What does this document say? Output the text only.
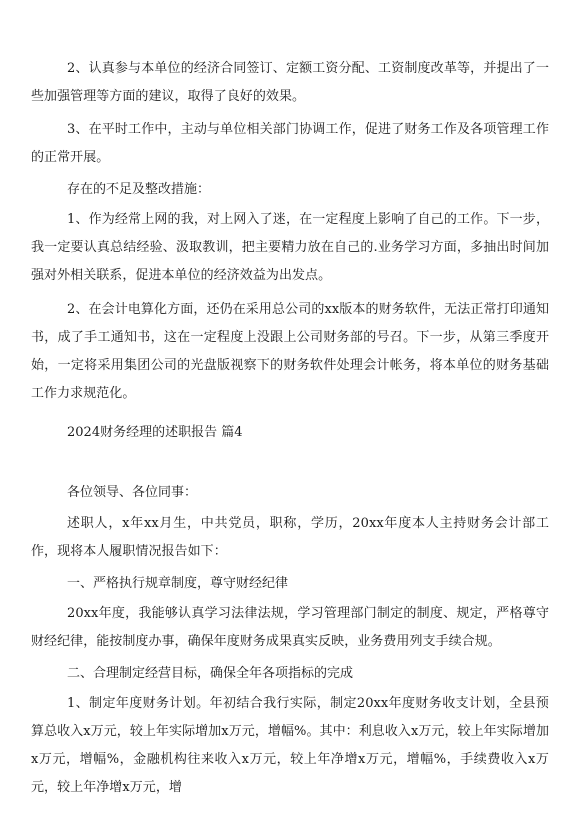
2、认真参与本单位的经济合同签订、定额工资分配、工资制度改革等，并提出了一些加强管理等方面的建议，取得了良好的效果。

3、在平时工作中，主动与单位相关部门协调工作，促进了财务工作及各项管理工作的正常开展。

存在的不足及整改措施：

1、作为经常上网的我，对上网入了迷，在一定程度上影响了自己的工作。下一步，我一定要认真总结经验、汲取教训，把主要精力放在自己的.业务学习方面，多抽出时间加强对外相关联系，促进本单位的经济效益为出发点。

2、在会计电算化方面，还仍在采用总公司的xx版本的财务软件，无法正常打印通知书，成了手工通知书，这在一定程度上没跟上公司财务部的号召。下一步，从第三季度开始，一定将采用集团公司的光盘版视察下的财务软件处理会计帐务，将本单位的财务基础工作力求规范化。

2024财务经理的述职报告 篇4

各位领导、各位同事：

述职人，x年xx月生，中共党员，职称，学历，20xx年度本人主持财务会计部工作，现将本人履职情况报告如下：

一、严格执行规章制度，尊守财经纪律

20xx年度，我能够认真学习法律法规，学习管理部门制定的制度、规定，严格尊守财经纪律，能按制度办事，确保年度财务成果真实反映，业务费用列支手续合规。

二、合理制定经营目标，确保全年各项指标的完成

1、制定年度财务计划。年初结合我行实际，制定20xx年度财务收支计划，全县预算总收入x万元，较上年实际增加x万元，增幅%。其中：利息收入x万元，较上年实际增加x万元，增幅%，金融机构往来收入x万元，较上年净增x万元，增幅%，手续费收入x万元，较上年净增x万元，增
